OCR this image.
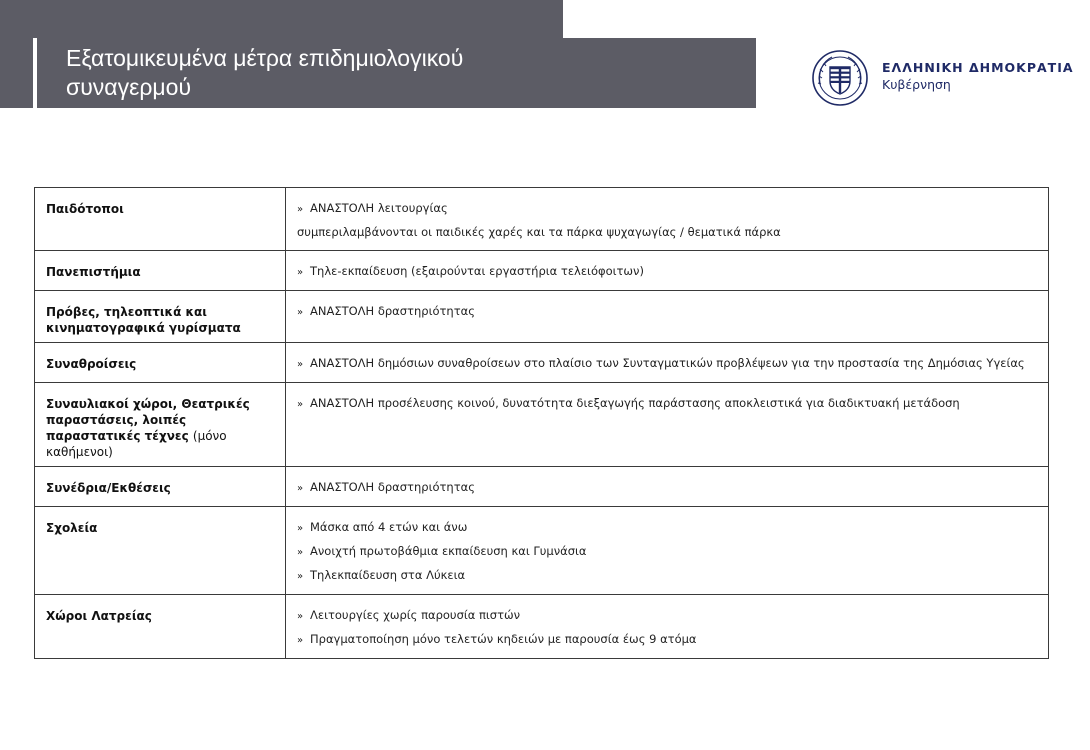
Εξατομικευμένα μέτρα επιδημιολογικού συναγερμού
ΕΛΛΗΝΙΚΗ ΔΗΜΟΚΡΑΤΙΑ
Κυβέρνηση
Παιδότοποι	» ΑΝΑΣΤΟΛΗ λειτουργίας
συμπεριλαμβάνονται οι παιδικές χαρές και τα πάρκα ψυχαγωγίας / θεματικά πάρκα

Πανεπιστήμια	» Τηλε-εκπαίδευση (εξαιρούνται εργαστήρια τελειόφοιτων)

Πρόβες, τηλεοπτικά και κινηματογραφικά γυρίσματα	» ΑΝΑΣΤΟΛΗ δραστηριότητας

Συναθροίσεις	» ΑΝΑΣΤΟΛΗ δημόσιων συναθροίσεων στο πλαίσιο των Συνταγματικών προβλέψεων για την προστασία της Δημόσιας Υγείας

Συναυλιακοί χώροι, Θεατρικές παραστάσεις, λοιπές παραστατικές τέχνες (μόνο καθήμενοι)	» ΑΝΑΣΤΟΛΗ προσέλευσης κοινού, δυνατότητα διεξαγωγής παράστασης αποκλειστικά για διαδικτυακή μετάδοση

Συνέδρια/Εκθέσεις	» ΑΝΑΣΤΟΛΗ δραστηριότητας

Σχολεία	» Μάσκα από 4 ετών και άνω
» Ανοιχτή πρωτοβάθμια εκπαίδευση και Γυμνάσια
» Τηλεκπαίδευση στα Λύκεια

Χώροι Λατρείας	» Λειτουργίες χωρίς παρουσία πιστών
» Πραγματοποίηση μόνο τελετών κηδειών με παρουσία έως 9 ατόμα
